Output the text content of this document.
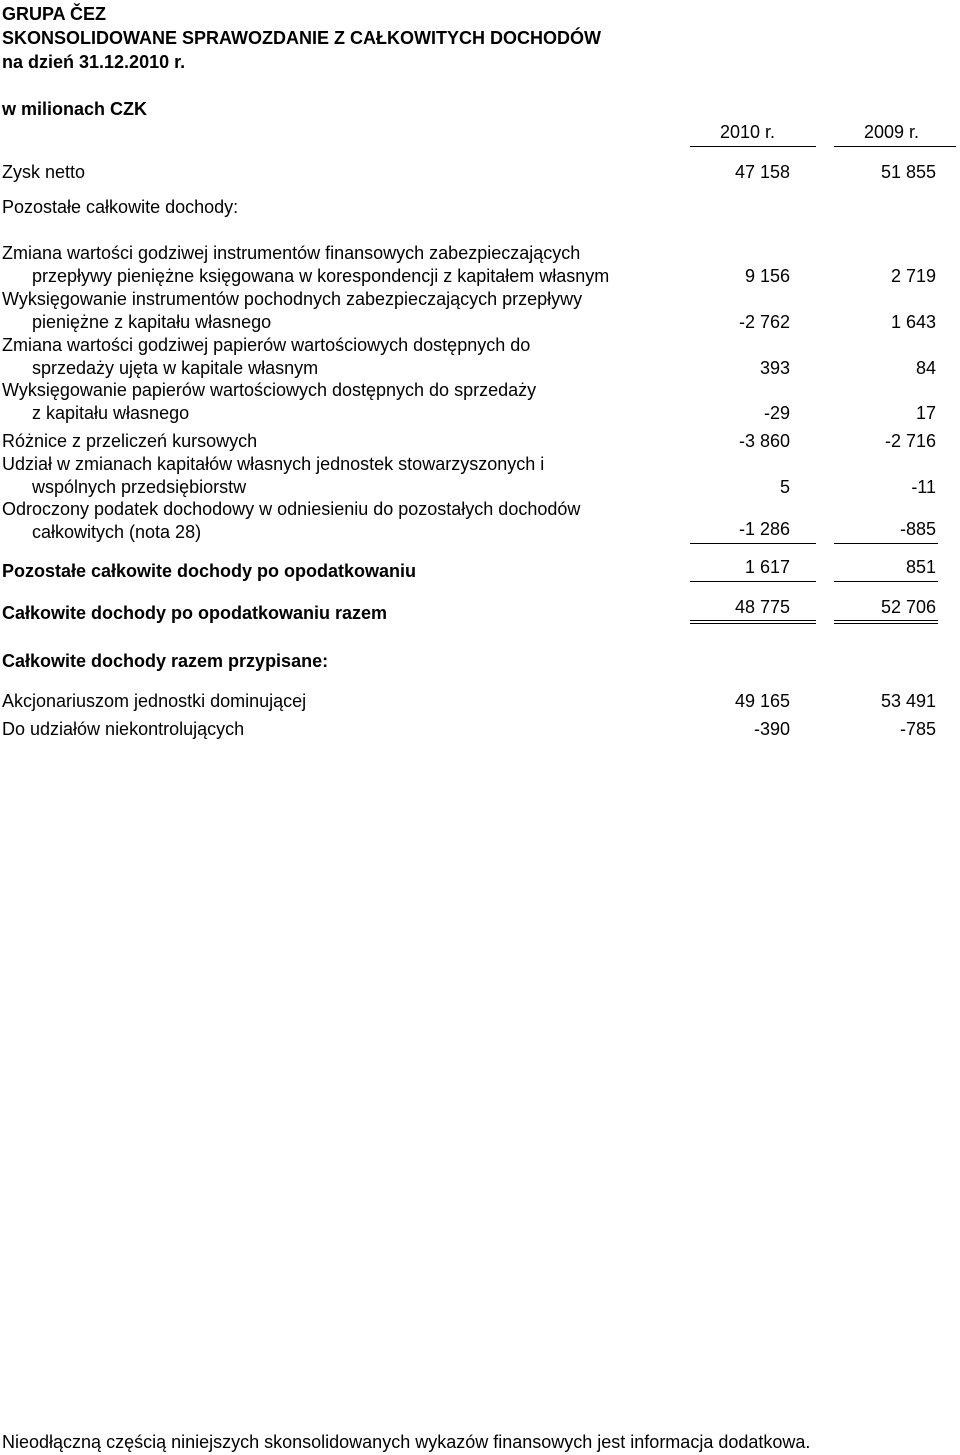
GRUPA ČEZ
SKONSOLIDOWANE SPRAWOZDANIE Z CAŁKOWITYCH DOCHODÓW
na dzień 31.12.2010 r.
w milionach CZK
2010 r.	2009 r.
Zysk netto	47 158	51 855
Pozostałe całkowite dochody:
Zmiana wartości godziwej instrumentów finansowych zabezpieczających
przepływy pieniężne księgowana w korespondencji z kapitałem własnym	9 156	2 719
Wyksięgowanie instrumentów pochodnych zabezpieczających przepływy
pieniężne z kapitału własnego	-2 762	1 643
Zmiana wartości godziwej papierów wartościowych dostępnych do
sprzedaży ujęta w kapitale własnym	393	84
Wyksięgowanie papierów wartościowych dostępnych do sprzedaży
z kapitału własnego	-29	17
Różnice z przeliczeń kursowych	-3 860	-2 716
Udział w zmianach kapitałów własnych jednostek stowarzyszonych i
wspólnych przedsiębiorstw	5	-11
Odroczony podatek dochodowy w odniesieniu do pozostałych dochodów
całkowitych (nota 28)	-1 286	-885
Pozostałe całkowite dochody po opodatkowaniu	1 617	851
Całkowite dochody po opodatkowaniu razem	48 775	52 706
Całkowite dochody razem przypisane:
Akcjonariuszom jednostki dominującej	49 165	53 491
Do udziałów niekontrolujących	-390	-785
Nieodłączną częścią niniejszych skonsolidowanych wykazów finansowych jest informacja dodatkowa.
